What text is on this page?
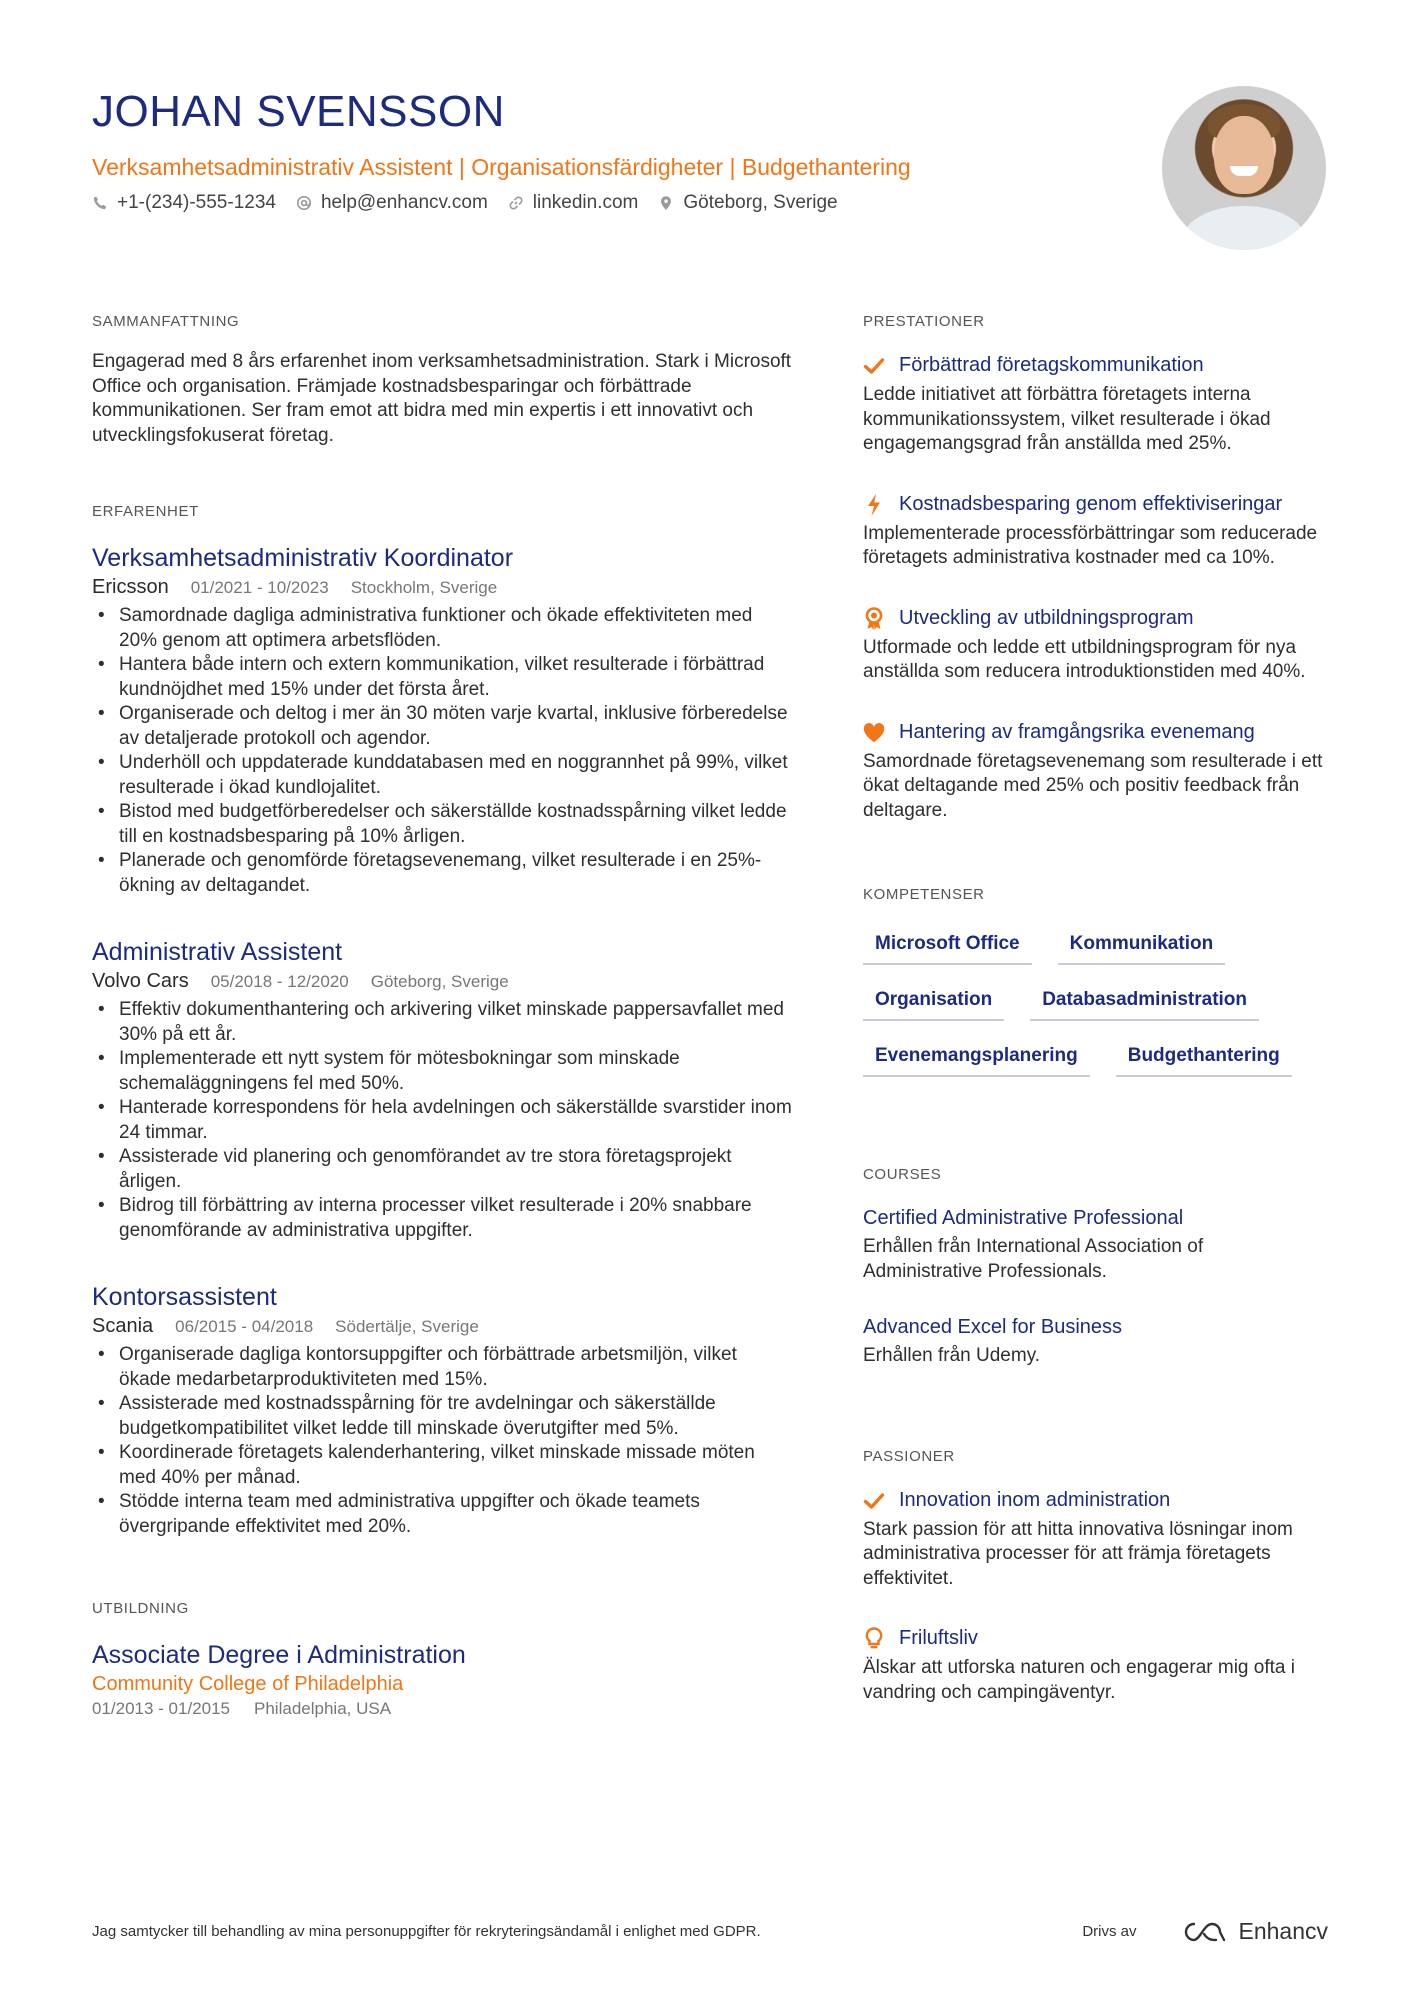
JOHAN SVENSSON
Verksamhetsadministrativ Assistent | Organisationsfärdigheter | Budgethantering
+1-(234)-555-1234 help@enhancv.com linkedin.com Göteborg, Sverige
SAMMANFATTNING
Engagerad med 8 års erfarenhet inom verksamhetsadministration. Stark i Microsoft Office och organisation. Främjade kostnadsbesparingar och förbättrade kommunikationen. Ser fram emot att bidra med min expertis i ett innovativt och utvecklingsfokuserat företag.
ERFARENHET
Verksamhetsadministrativ Koordinator
Ericsson 01/2021 - 10/2023 Stockholm, Sverige
• Samordnade dagliga administrativa funktioner och ökade effektiviteten med 20% genom att optimera arbetsflöden.
• Hantera både intern och extern kommunikation, vilket resulterade i förbättrad kundnöjdhet med 15% under det första året.
• Organiserade och deltog i mer än 30 möten varje kvartal, inklusive förberedelse av detaljerade protokoll och agendor.
• Underhöll och uppdaterade kunddatabasen med en noggrannhet på 99%, vilket resulterade i ökad kundlojalitet.
• Bistod med budgetförberedelser och säkerställde kostnadsspårning vilket ledde till en kostnadsbesparing på 10% årligen.
• Planerade och genomförde företagsevenemang, vilket resulterade i en 25%-ökning av deltagandet.
Administrativ Assistent
Volvo Cars 05/2018 - 12/2020 Göteborg, Sverige
• Effektiv dokumenthantering och arkivering vilket minskade pappersavfallet med 30% på ett år.
• Implementerade ett nytt system för mötesbokningar som minskade schemaläggningens fel med 50%.
• Hanterade korrespondens för hela avdelningen och säkerställde svarstider inom 24 timmar.
• Assisterade vid planering och genomförandet av tre stora företagsprojekt årligen.
• Bidrog till förbättring av interna processer vilket resulterade i 20% snabbare genomförande av administrativa uppgifter.
Kontorsassistent
Scania 06/2015 - 04/2018 Södertälje, Sverige
• Organiserade dagliga kontorsuppgifter och förbättrade arbetsmiljön, vilket ökade medarbetarproduktiviteten med 15%.
• Assisterade med kostnadsspårning för tre avdelningar och säkerställde budgetkompatibilitet vilket ledde till minskade överutgifter med 5%.
• Koordinerade företagets kalenderhantering, vilket minskade missade möten med 40% per månad.
• Stödde interna team med administrativa uppgifter och ökade teamets övergripande effektivitet med 20%.
UTBILDNING
Associate Degree i Administration
Community College of Philadelphia
01/2013 - 01/2015 Philadelphia, USA
PRESTATIONER
Förbättrad företagskommunikation
Ledde initiativet att förbättra företagets interna kommunikationssystem, vilket resulterade i ökad engagemangsgrad från anställda med 25%.
Kostnadsbesparing genom effektiviseringar
Implementerade processförbättringar som reducerade företagets administrativa kostnader med ca 10%.
Utveckling av utbildningsprogram
Utformade och ledde ett utbildningsprogram för nya anställda som reducera introduktionstiden med 40%.
Hantering av framgångsrika evenemang
Samordnade företagsevenemang som resulterade i ett ökat deltagande med 25% och positiv feedback från deltagare.
KOMPETENSER
Microsoft Office	Kommunikation
Organisation	Databasadministration
Evenemangsplanering	Budgethantering
COURSES
Certified Administrative Professional
Erhållen från International Association of Administrative Professionals.
Advanced Excel for Business
Erhållen från Udemy.
PASSIONER
Innovation inom administration
Stark passion för att hitta innovativa lösningar inom administrativa processer för att främja företagets effektivitet.
Friluftsliv
Älskar att utforska naturen och engagerar mig ofta i vandring och campingäventyr.
Jag samtycker till behandling av mina personuppgifter för rekryteringsändamål i enlighet med GDPR.	Drivs av	Enhancv
